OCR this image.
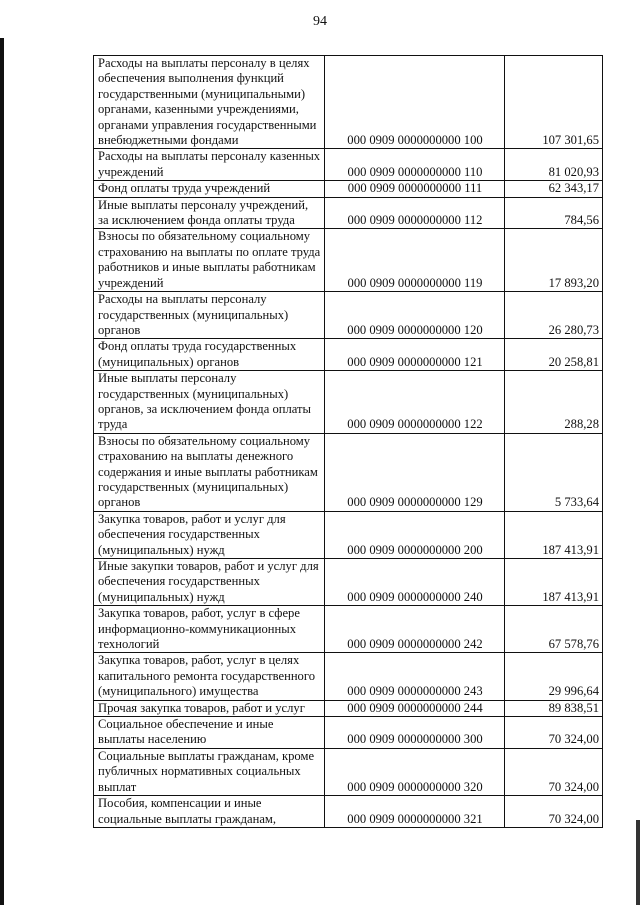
94
Расходы на выплаты персоналу в целях обеспечения выполнения функций государственными (муниципальными) органами, казенными учреждениями, органами управления государственными внебюджетными фондами	000 0909 0000000000 100	107 301,65
Расходы на выплаты персоналу казенных учреждений	000 0909 0000000000 110	81 020,93
Фонд оплаты труда учреждений	000 0909 0000000000 111	62 343,17
Иные выплаты персоналу учреждений, за исключением фонда оплаты труда	000 0909 0000000000 112	784,56
Взносы по обязательному социальному страхованию на выплаты по оплате труда работников и иные выплаты работникам учреждений	000 0909 0000000000 119	17 893,20
Расходы на выплаты персоналу государственных (муниципальных) органов	000 0909 0000000000 120	26 280,73
Фонд оплаты труда государственных (муниципальных) органов	000 0909 0000000000 121	20 258,81
Иные выплаты персоналу государственных (муниципальных) органов, за исключением фонда оплаты труда	000 0909 0000000000 122	288,28
Взносы по обязательному социальному страхованию на выплаты денежного содержания и иные выплаты работникам государственных (муниципальных) органов	000 0909 0000000000 129	5 733,64
Закупка товаров, работ и услуг для обеспечения государственных (муниципальных) нужд	000 0909 0000000000 200	187 413,91
Иные закупки товаров, работ и услуг для обеспечения государственных (муниципальных) нужд	000 0909 0000000000 240	187 413,91
Закупка товаров, работ, услуг в сфере информационно-коммуникационных технологий	000 0909 0000000000 242	67 578,76
Закупка товаров, работ, услуг в целях капитального ремонта государственного (муниципального) имущества	000 0909 0000000000 243	29 996,64
Прочая закупка товаров, работ и услуг	000 0909 0000000000 244	89 838,51
Социальное обеспечение и иные выплаты населению	000 0909 0000000000 300	70 324,00
Социальные выплаты гражданам, кроме публичных нормативных социальных выплат	000 0909 0000000000 320	70 324,00
Пособия, компенсации и иные социальные выплаты гражданам,	000 0909 0000000000 321	70 324,00
